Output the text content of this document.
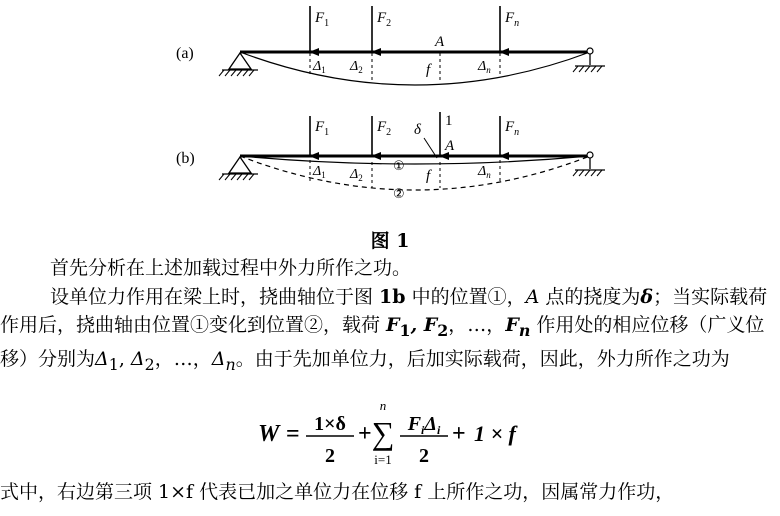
(a)
$F_1$	$F_2$	$F_n$
A
$\Delta_1$ $\Delta_2$	f	$\Delta_n$
(b)
$F_1$	$F_2$
1	$F_n$
δ
A
$\Delta_1$ $\Delta_2$
①
f	$\Delta_n$
②
图 1
首先分析在上述加载过程中外力所作之功。
设单位力作用在梁上时，挠曲轴位于图 1b 中的位置①，A 点的挠度为δ；当实际载荷作用后，挠曲轴由位置①变化到位置②，载荷 $F_1$, $F_2$，…，$F_n$ 作用处的相应位移（广义位移）分别为$\Delta_1$, $\Delta_2$，…，$\Delta_n$。由于先加单位力，后加实际载荷，因此，外力所作之功为
W = 1×δ
2
+
n
∑
i=1
$F_i\Delta_i$
2
+ 1 × f
式中，右边第三项 1×f 代表已加之单位力在位移 f 上所作之功，因属常力作功，
